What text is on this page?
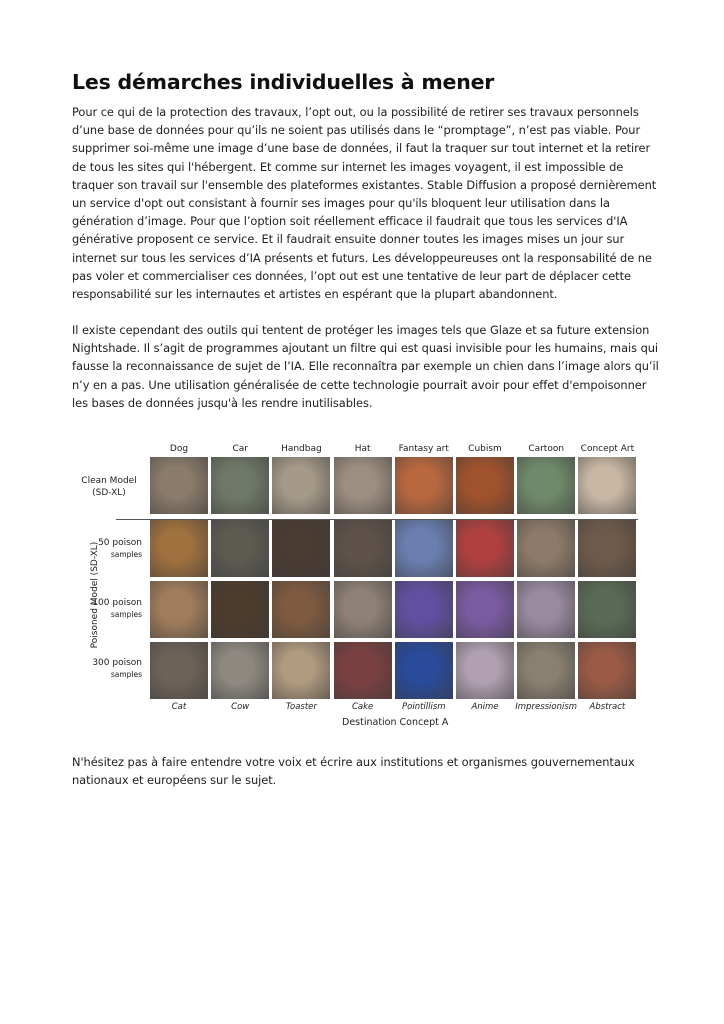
Les démarches individuelles à mener

Pour ce qui de la protection des travaux, l’opt out, ou la possibilité de retirer ses travaux personnels d’une base de données pour qu’ils ne soient pas utilisés dans le “promptage”, n’est pas viable. Pour supprimer soi-même une image d’une base de données, il faut la traquer sur tout internet et la retirer de tous les sites qui l'hébergent. Et comme sur internet les images voyagent, il est impossible de traquer son travail sur l'ensemble des plateformes existantes. Stable Diffusion a proposé dernièrement un service d'opt out consistant à fournir ses images pour qu'ils bloquent leur utilisation dans la génération d’image. Pour que l’option soit réellement efficace il faudrait que tous les services d'IA générative proposent ce service. Et il faudrait ensuite donner toutes les images mises un jour sur internet sur tous les services d’IA présents et futurs. Les développeureuses ont la responsabilité de ne pas voler et commercialiser ces données, l’opt out est une tentative de leur part de déplacer cette responsabilité sur les internautes et artistes en espérant que la plupart abandonnent.

Il existe cependant des outils qui tentent de protéger les images tels que Glaze et sa future extension Nightshade. Il s’agit de programmes ajoutant un filtre qui est quasi invisible pour les humains, mais qui fausse la reconnaissance de sujet de l’IA. Elle reconnaîtra par exemple un chien dans l’image alors qu’il n’y en a pas. Une utilisation généralisée de cette technologie pourrait avoir pour effet d'empoisonner les bases de données jusqu'à les rendre inutilisables.

Clean Model
(SD-XL)
Poisoned Model (SD-XL)
50 poison
samples
100 poison
samples
300 poison
samples
Dog	Car	Handbag	Hat	Fantasy art	Cubism	Cartoon	Concept Art
Cat	Cow	Toaster	Cake	Pointillism	Anime	Impressionism	Abstract
Destination Concept A

N'hésitez pas à faire entendre votre voix et écrire aux institutions et organismes gouvernementaux nationaux et européens sur le sujet.
